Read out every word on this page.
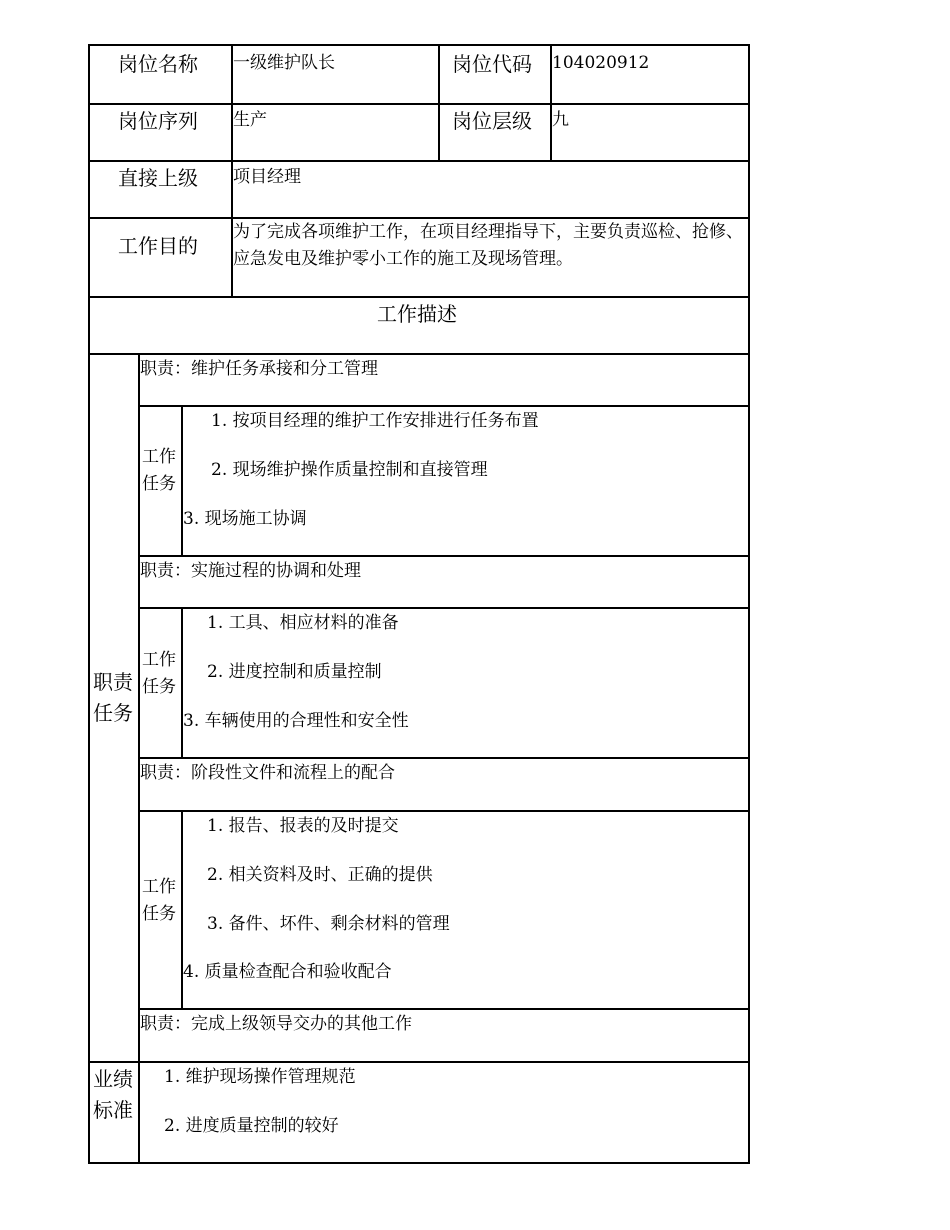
岗位名称 一级维护队长	岗位代码 104020912
岗位序列 生产	岗位层级 九
直接上级 项目经理
工作目的
为了完成各项维护工作，在项目经理指导下，主要负责巡检、抢修、应急发电及维护零小工作的施工及现场管理。
工作描述
职责
任务
职责：维护任务承接和分工管理
工作
任务
1. 按项目经理的维护工作安排进行任务布置
2. 现场维护操作质量控制和直接管理
3. 现场施工协调
职责：实施过程的协调和处理
工作
任务
1. 工具、相应材料的准备
2. 进度控制和质量控制
3. 车辆使用的合理性和安全性
职责：阶段性文件和流程上的配合
工作
任务
1. 报告、报表的及时提交
2. 相关资料及时、正确的提供
3. 备件、坏件、剩余材料的管理
4. 质量检查配合和验收配合
职责：完成上级领导交办的其他工作
业绩
标准
1. 维护现场操作管理规范
2. 进度质量控制的较好
